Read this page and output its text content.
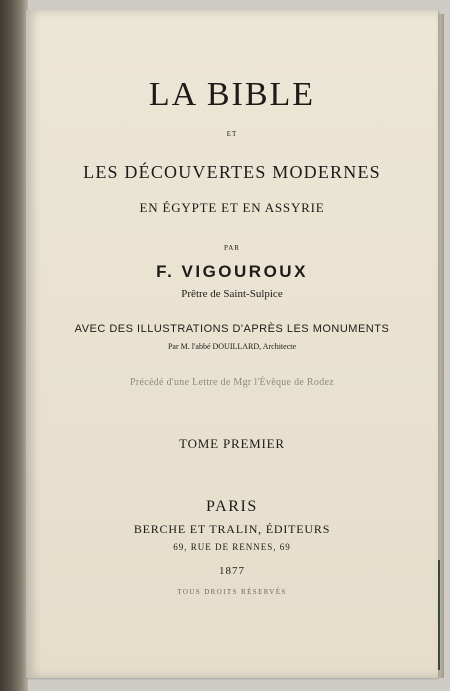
LA BIBLE

ET

LES DÉCOUVERTES MODERNES

EN ÉGYPTE ET EN ASSYRIE

PAR

F. VIGOUROUX

Prêtre de Saint-Sulpice

AVEC DES ILLUSTRATIONS D'APRÈS LES MONUMENTS

Par M. l'abbé DOUILLARD, Architecte

Précédé d'une Lettre de Mgr l'Évêque de Rodez

TOME PREMIER

PARIS

BERCHE ET TRALIN, ÉDITEURS

69, RUE DE RENNES, 69

1877

TOUS DROITS RÉSERVÉS
